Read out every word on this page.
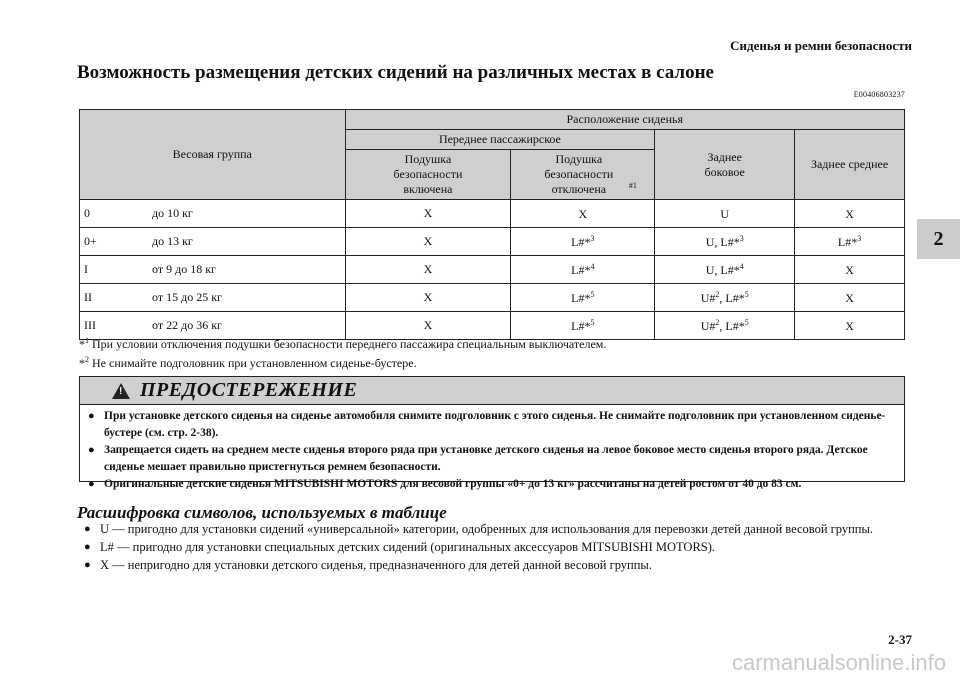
Сиденья и ремни безопасности
Возможность размещения детских сидений на различных местах в салоне
E00406803237
2
Весовая группа	Расположение сиденья			
	Переднее пассажирское		Заднее боковое	Заднее среднее
	Подушка безопасности включена	Подушка безопасности отключена $^{\#1}$
0 до 10 кг	X	X	U	X
0+ до 13 кг	X	L#*$^3$	U, L#*$^3$	L#*$^3$
I от 9 до 18 кг	X	L#*$^4$	U, L#*$^4$	X
II от 15 до 25 кг	X	L#*$^5$	U#$^2$, L#*$^5$	X
III от 22 до 36 кг	X	L#*$^5$	U#$^2$, L#*$^5$	X
*$^1$ При условии отключения подушки безопасности переднего пассажира специальным выключателем.
*$^2$ Не снимайте подголовник при установленном сиденье-бустере.
!
ПРЕДОСТЕРЕЖЕНИЕ
● При установке детского сиденья на сиденье автомобиля снимите подголовник с этого сиденья. Не снимайте подголовник при установленном сиденье-бустере (см. стр. 2-38).
● Запрещается сидеть на среднем месте сиденья второго ряда при установке детского сиденья на левое боковое место сиденья второго ряда. Детское сиденье мешает правильно пристегнуться ремнем безопасности.
● Оригинальные детские сиденья MITSUBISHI MOTORS для весовой группы «0+ до 13 кг» рассчитаны на детей ростом от 40 до 83 см.
Расшифровка символов, используемых в таблице
● U — пригодно для установки сидений «универсальной» категории, одобренных для использования для перевозки детей данной весовой группы.
● L# — пригодно для установки специальных детских сидений (оригинальных аксессуаров MITSUBISHI MOTORS).
● X — непригодно для установки детского сиденья, предназначенного для детей данной весовой группы.
2-37
carmanualsonline.info
